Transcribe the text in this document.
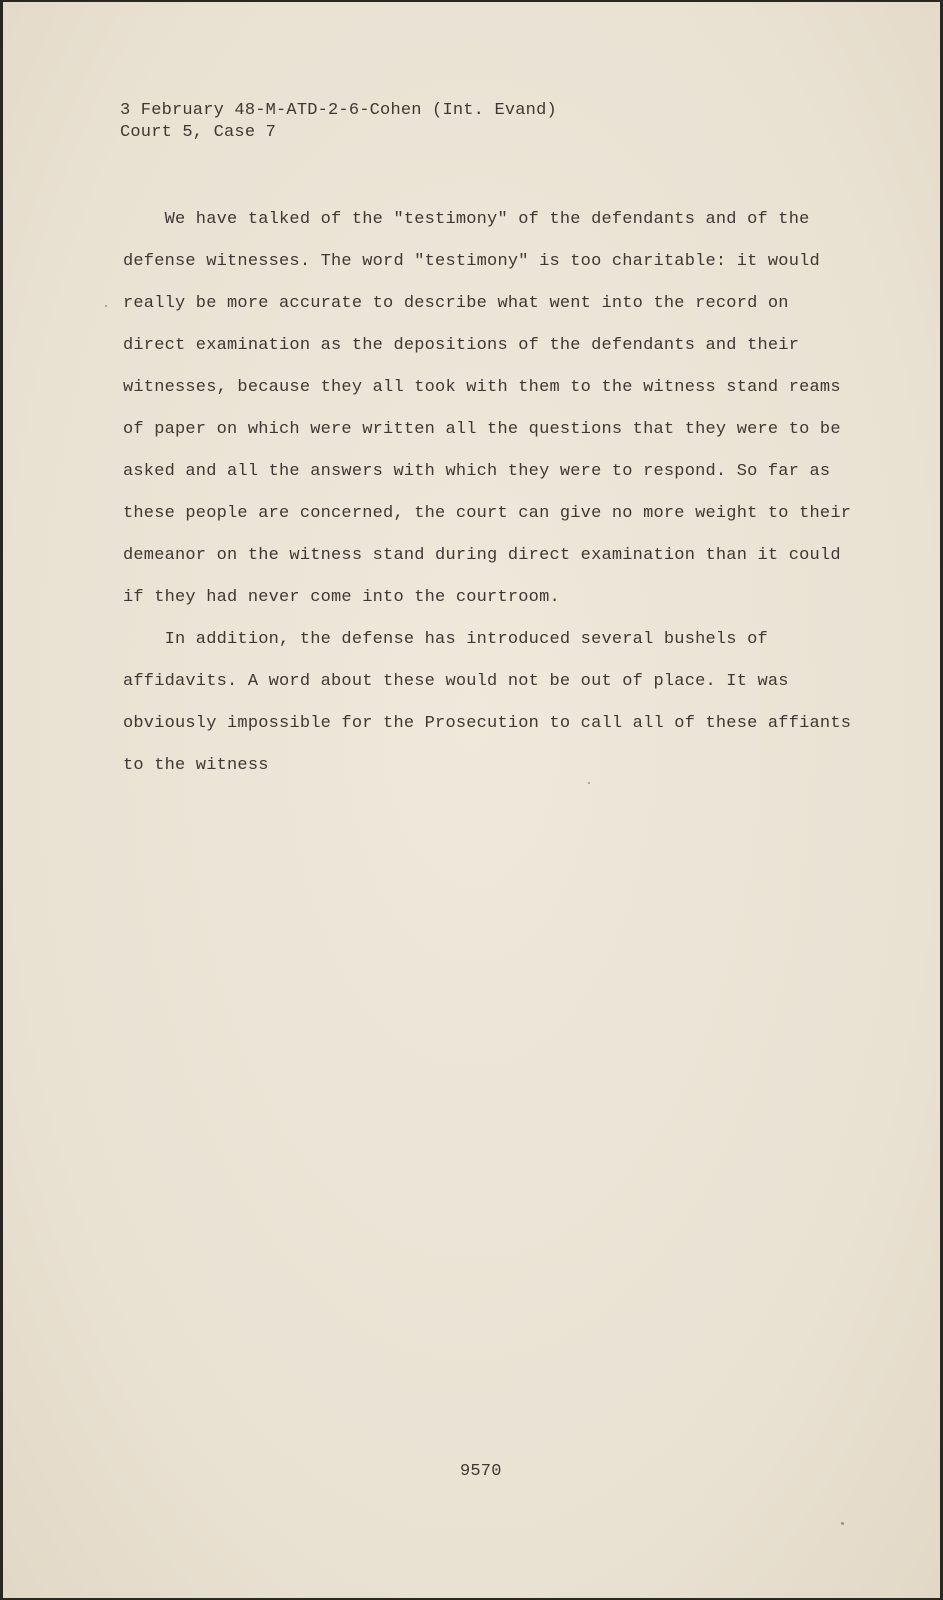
3 February 48-M-ATD-2-6-Cohen (Int. Evand)
Court 5, Case 7
We have talked of the "testimony" of the defendants and of the
defense witnesses. The word "testimony" is too charitable: it would
really be more accurate to describe what went into the record on
direct examination as the depositions of the defendants and their
witnesses, because they all took with them to the witness stand reams
of paper on which were written all the questions that they were to be
asked and all the answers with which they were to respond. So far as
these people are concerned, the court can give no more weight to their
demeanor on the witness stand during direct examination than it could
if they had never come into the courtroom.
In addition, the defense has introduced several bushels of
affidavits. A word about these would not be out of place. It was
obviously impossible for the Prosecution to call all of these affiants
to the witness
9570
